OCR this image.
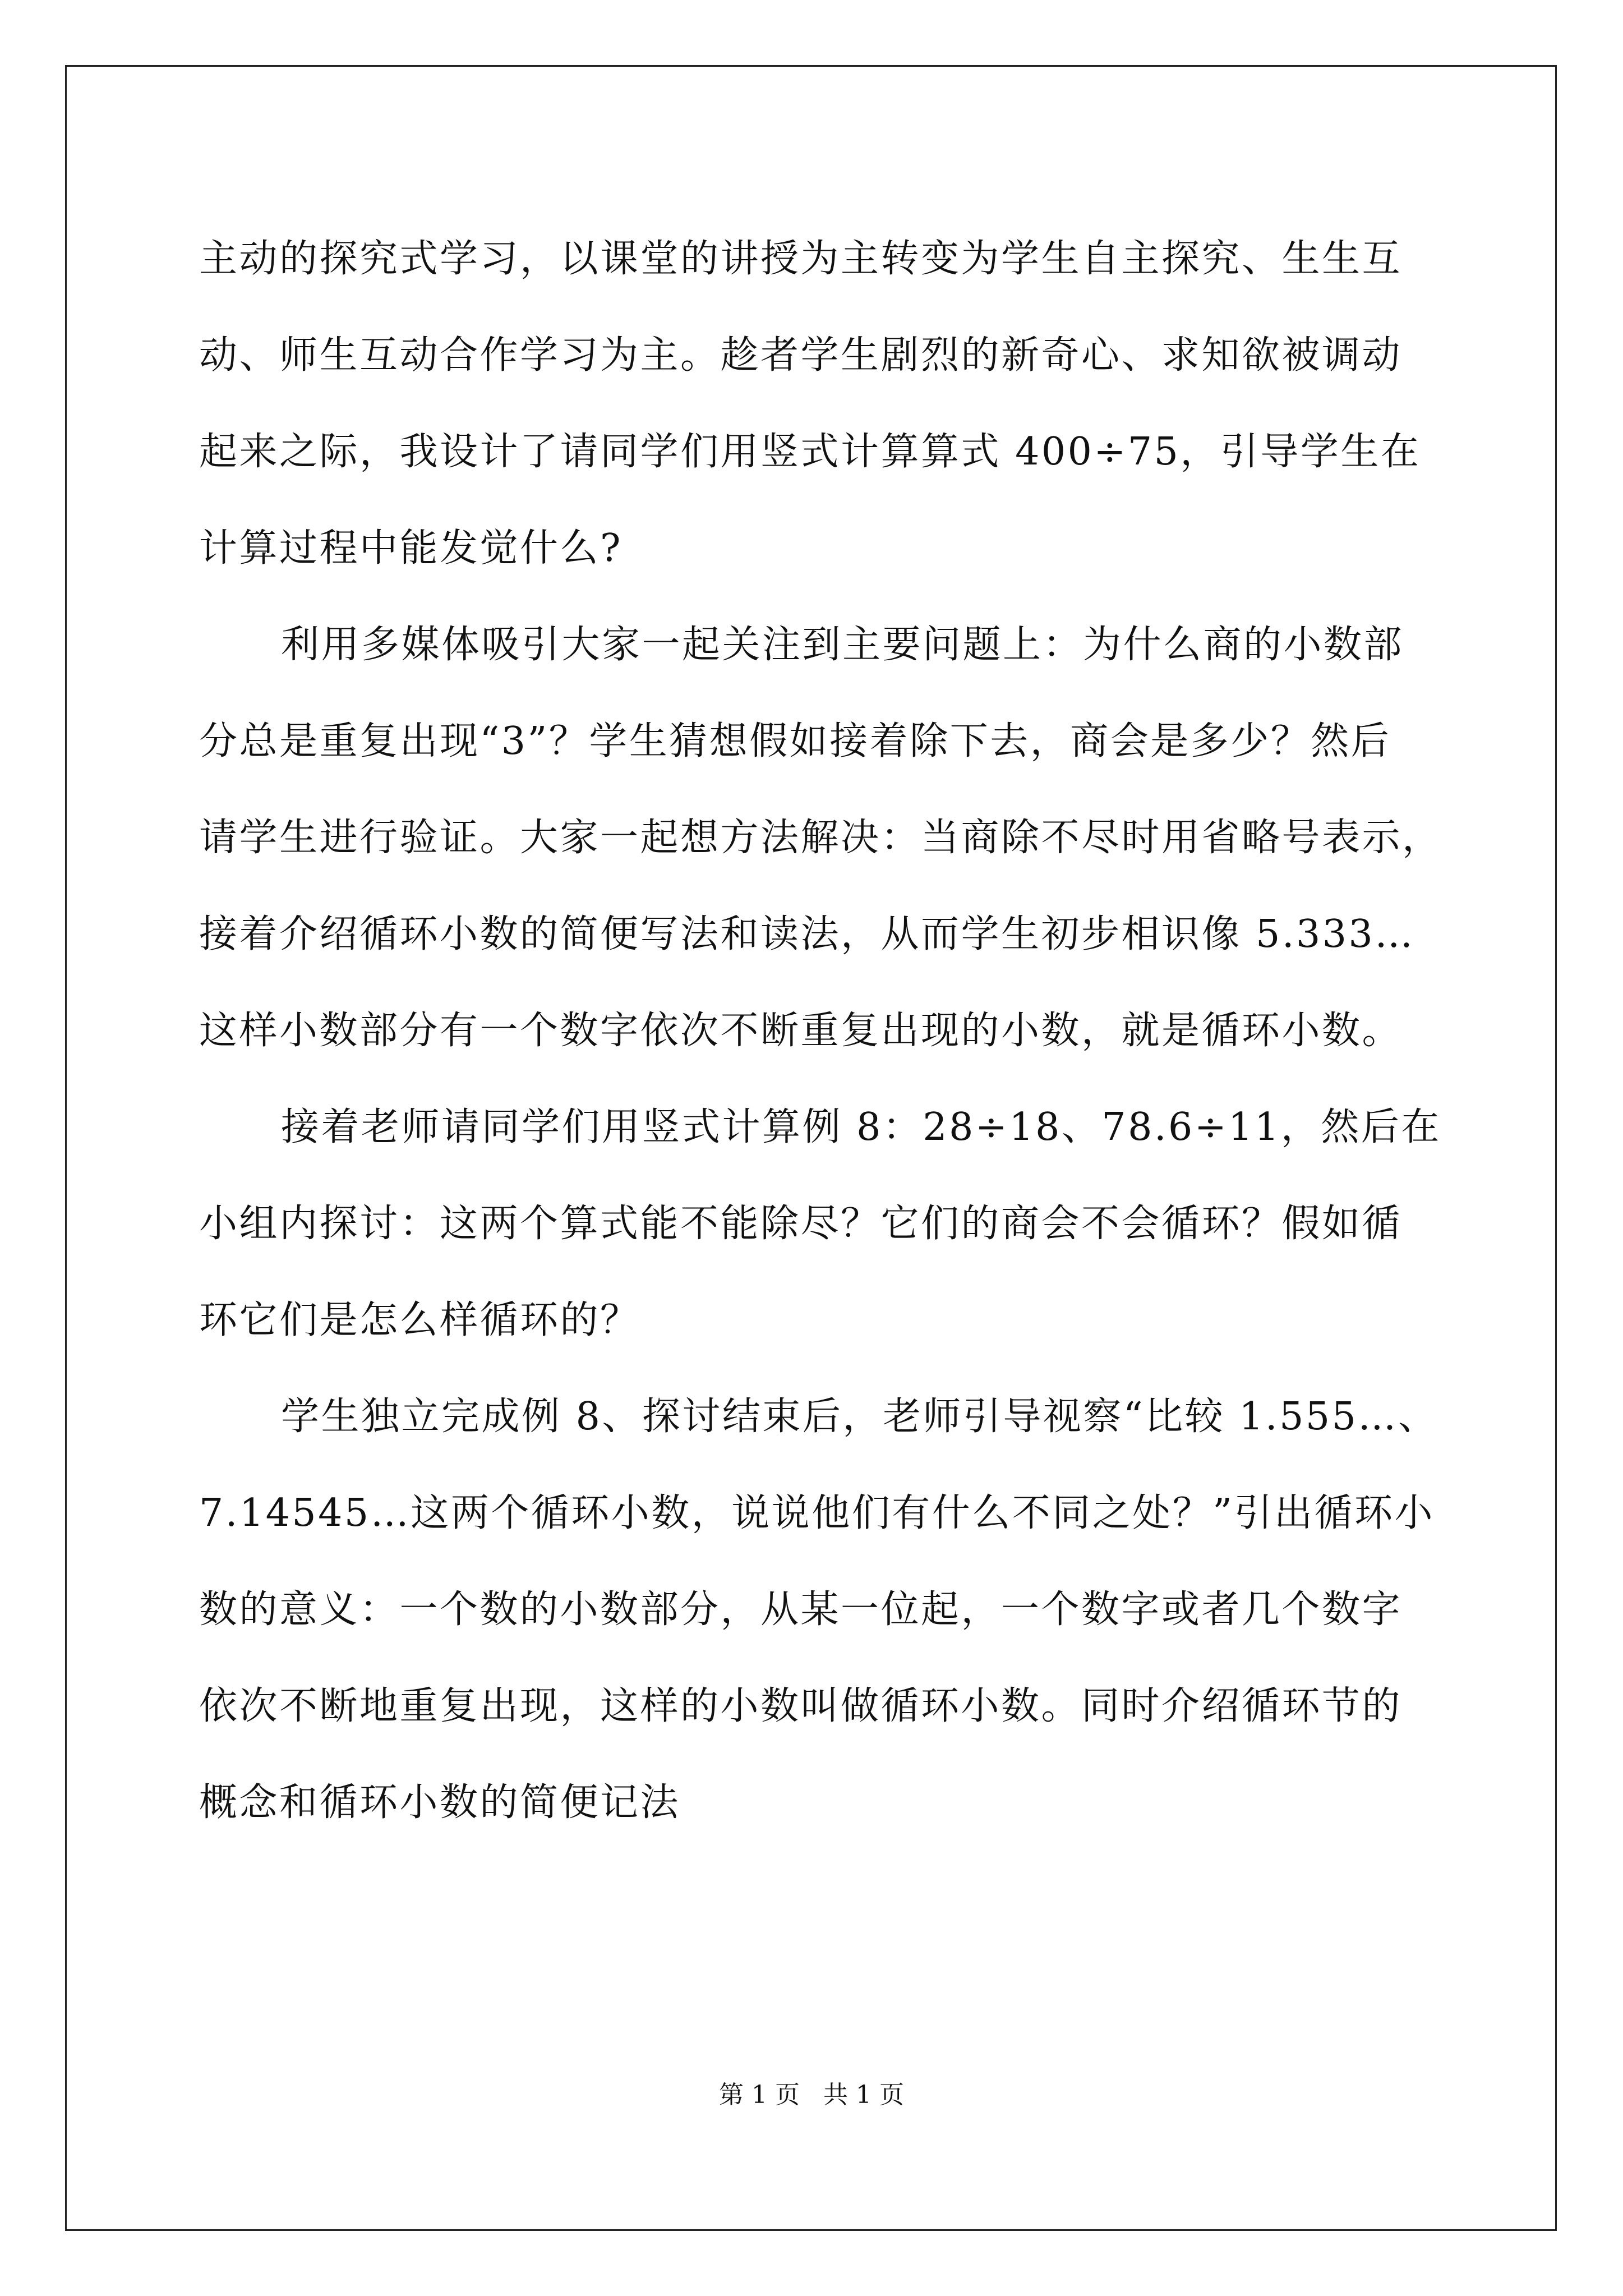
主动的探究式学习，以课堂的讲授为主转变为学生自主探究、生生互
动、师生互动合作学习为主。趁者学生剧烈的新奇心、求知欲被调动
起来之际，我设计了请同学们用竖式计算算式 400÷75，引导学生在
计算过程中能发觉什么?
利用多媒体吸引大家一起关注到主要问题上：为什么商的小数部
分总是重复出现“3”？学生猜想假如接着除下去，商会是多少？然后
请学生进行验证。大家一起想方法解决：当商除不尽时用省略号表示，
接着介绍循环小数的简便写法和读法，从而学生初步相识像 5.333…
这样小数部分有一个数字依次不断重复出现的小数，就是循环小数。
接着老师请同学们用竖式计算例 8：28÷18、78.6÷11，然后在
小组内探讨：这两个算式能不能除尽？它们的商会不会循环？假如循
环它们是怎么样循环的？
学生独立完成例 8、探讨结束后，老师引导视察“比较 1.555…、
7.14545…这两个循环小数，说说他们有什么不同之处？”引出循环小
数的意义：一个数的小数部分，从某一位起，一个数字或者几个数字
依次不断地重复出现，这样的小数叫做循环小数。同时介绍循环节的
概念和循环小数的简便记法
第 1 页   共 1 页
